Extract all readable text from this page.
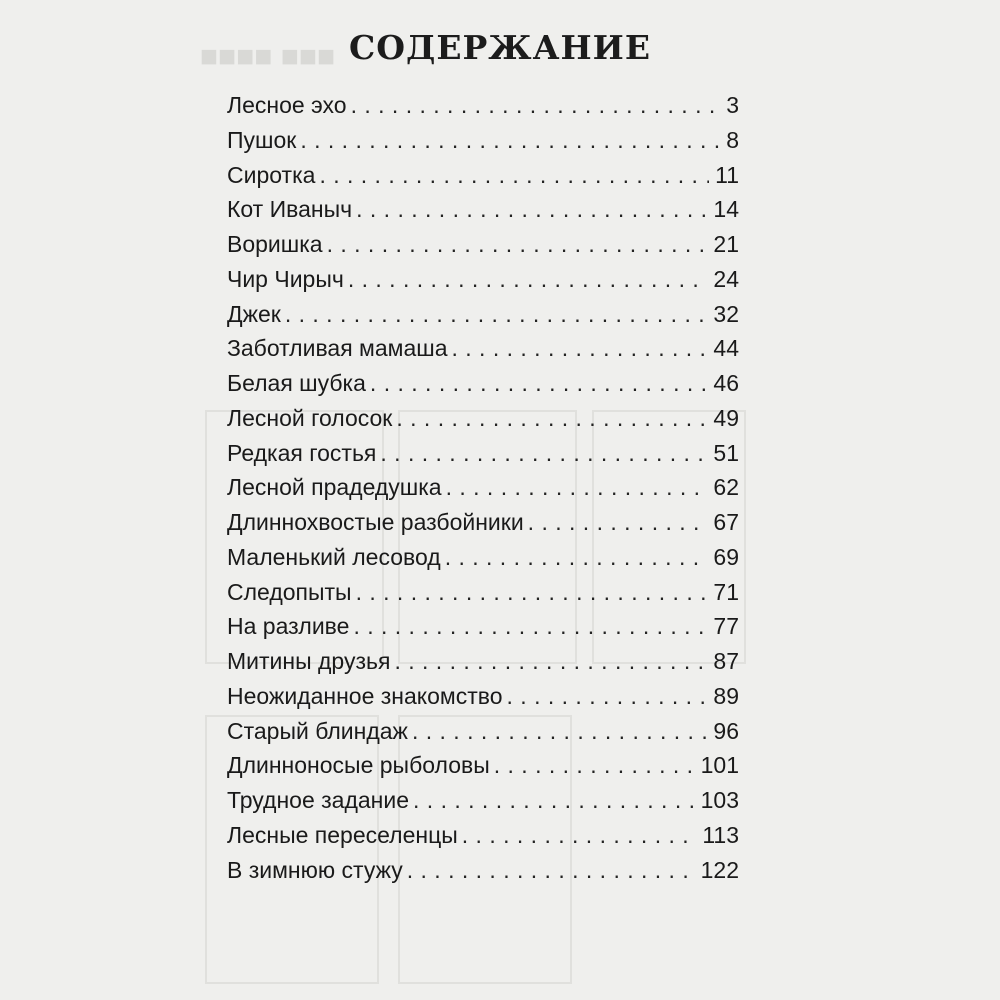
■■■ ■■■■ СОДЕРЖАНИЕ
Лесное эхо . . .	3
Пушок . . .	8
Сиротка . . .	11
Кот Иваныч . . .	14
Воришка . . .	21
Чир Чирыч . . .	24
Джек . . .	32
Заботливая мамаша . . .	44
Белая шубка . . .	46
Лесной голосок . . .	49
Редкая гостья . . .	51
Лесной прадедушка . . .	62
Длиннохвостые разбойники . . .	67
Маленький лесовод . . .	69
Следопыты . . .	71
На разливе . . .	77
Митины друзья . . .	87
Неожиданное знакомство . . .	89
Старый блиндаж . . .	96
Длинноносые рыболовы . . .	101
Трудное задание . . .	103
Лесные переселенцы . . .	113
В зимнюю стужу . . .	122
